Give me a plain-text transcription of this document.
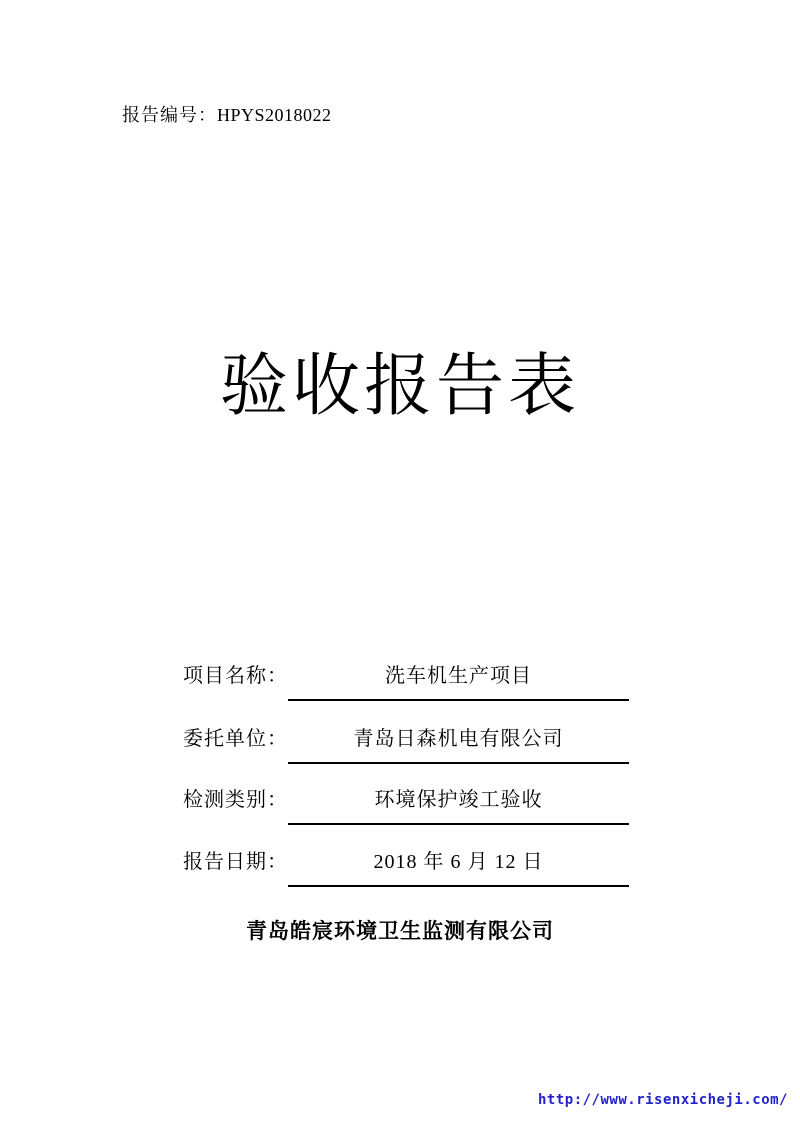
报告编号：HPYS2018022
验收报告表
项目名称：	洗车机生产项目
委托单位：	青岛日森机电有限公司
检测类别：	环境保护竣工验收
报告日期：	2018 年 6 月 12 日
青岛皓宸环境卫生监测有限公司
http://www.risenxicheji.com/
